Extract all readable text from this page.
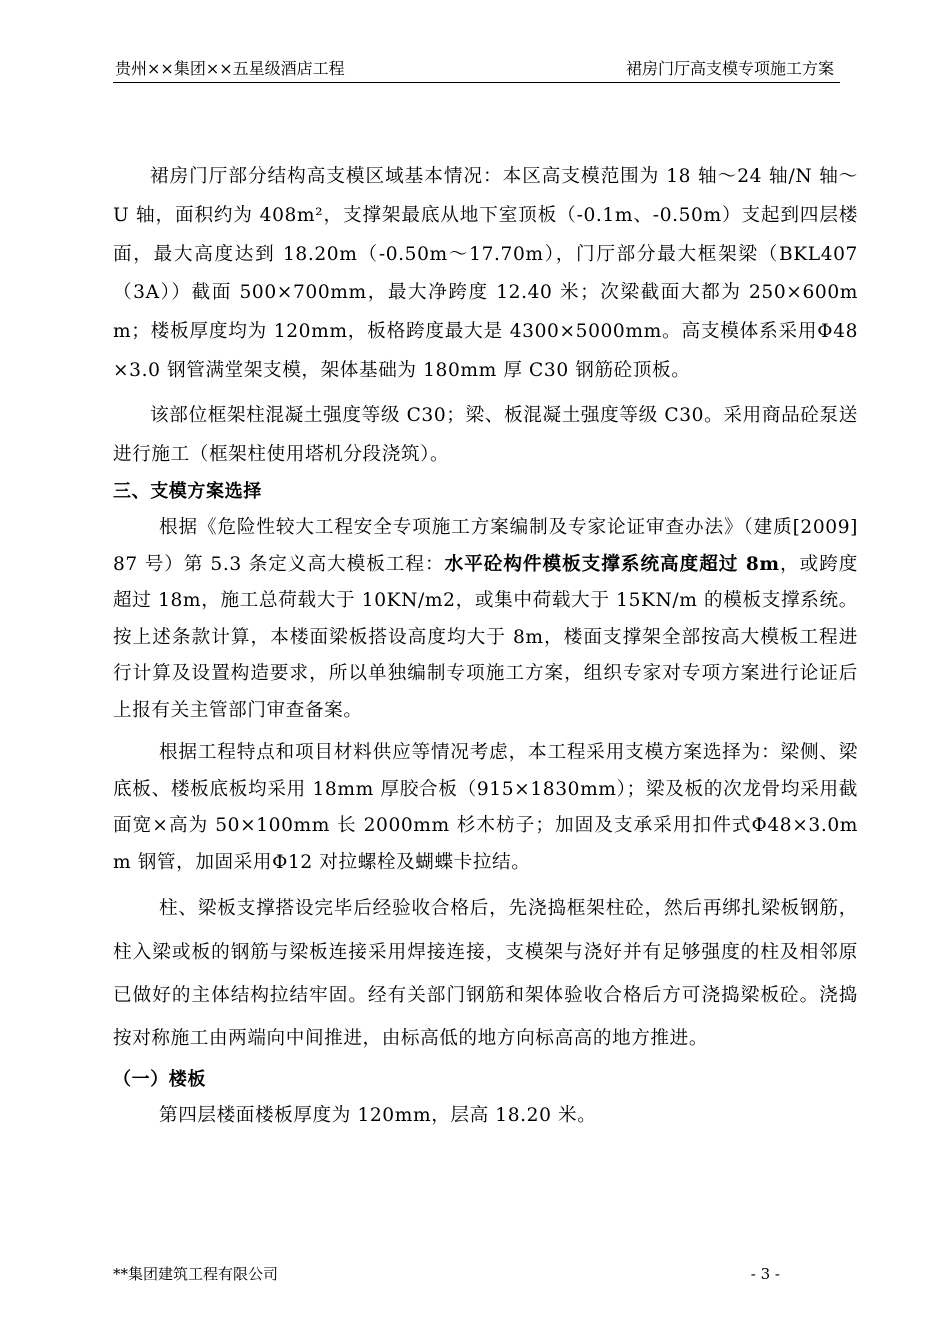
贵州××集团××五星级酒店工程	裙房门厅高支模专项施工方案

裙房门厅部分结构高支模区域基本情况：本区高支模范围为 18 轴～24 轴/N 轴～U 轴，面积约为 408m²，支撑架最底从地下室顶板（-0.1m、-0.50m）支起到四层楼面，最大高度达到 18.20m（-0.50m～17.70m），门厅部分最大框架梁（BKL407（3A））截面 500×700mm，最大净跨度 12.40 米；次梁截面大都为 250×600mm；楼板厚度均为 120mm，板格跨度最大是 4300×5000mm。高支模体系采用Φ48×3.0 钢管满堂架支模，架体基础为 180mm 厚 C30 钢筋砼顶板。

该部位框架柱混凝土强度等级 C30；梁、板混凝土强度等级 C30。采用商品砼泵送进行施工（框架柱使用塔机分段浇筑）。

三、支模方案选择

根据《危险性较大工程安全专项施工方案编制及专家论证审查办法》（建质[2009]87 号）第 5.3 条定义高大模板工程：水平砼构件模板支撑系统高度超过 8m，或跨度超过 18m，施工总荷载大于 10KN/m2，或集中荷载大于 15KN/m 的模板支撑系统。按上述条款计算，本楼面梁板搭设高度均大于 8m，楼面支撑架全部按高大模板工程进行计算及设置构造要求，所以单独编制专项施工方案，组织专家对专项方案进行论证后上报有关主管部门审查备案。

根据工程特点和项目材料供应等情况考虑，本工程采用支模方案选择为：梁侧、梁底板、楼板底板均采用 18mm 厚胶合板（915×1830mm）；梁及板的次龙骨均采用截面宽×高为 50×100mm 长 2000mm 杉木枋子；加固及支承采用扣件式Φ48×3.0mm 钢管，加固采用Φ12 对拉螺栓及蝴蝶卡拉结。

柱、梁板支撑搭设完毕后经验收合格后，先浇捣框架柱砼，然后再绑扎梁板钢筋，柱入梁或板的钢筋与梁板连接采用焊接连接，支模架与浇好并有足够强度的柱及相邻原已做好的主体结构拉结牢固。经有关部门钢筋和架体验收合格后方可浇捣梁板砼。浇捣按对称施工由两端向中间推进，由标高低的地方向标高高的地方推进。

（一）楼板

第四层楼面楼板厚度为 120mm，层高 18.20 米。

**集团建筑工程有限公司	- 3 -
